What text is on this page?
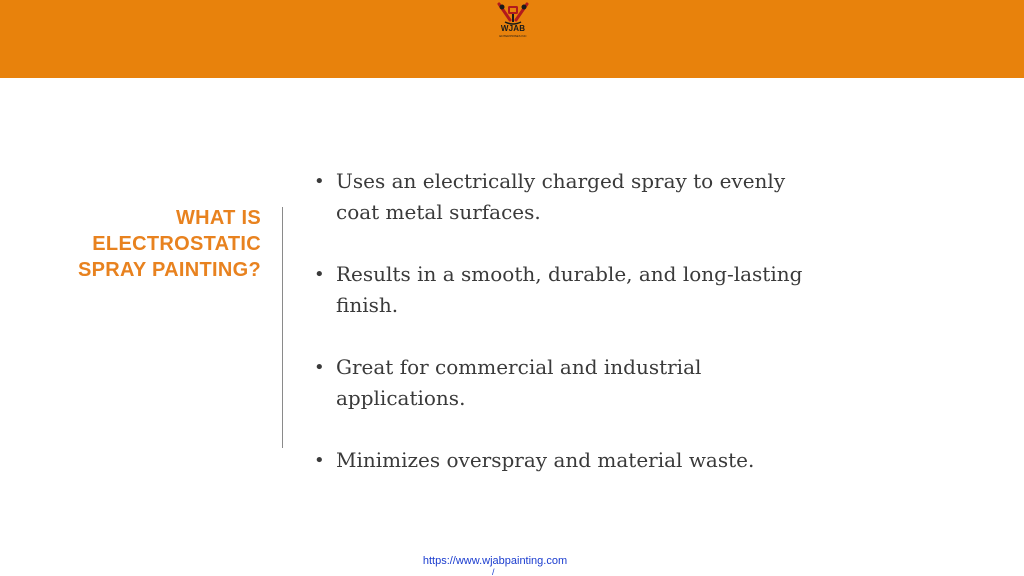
WJAB
ENTERPRISES INC
WHAT IS
ELECTROSTATIC
SPRAY PAINTING?
• Uses an electrically charged spray to evenly coat metal surfaces.
• Results in a smooth, durable, and long-lasting finish.
• Great for commercial and industrial applications.
• Minimizes overspray and material waste.
https://www.wjabpainting.com
/
